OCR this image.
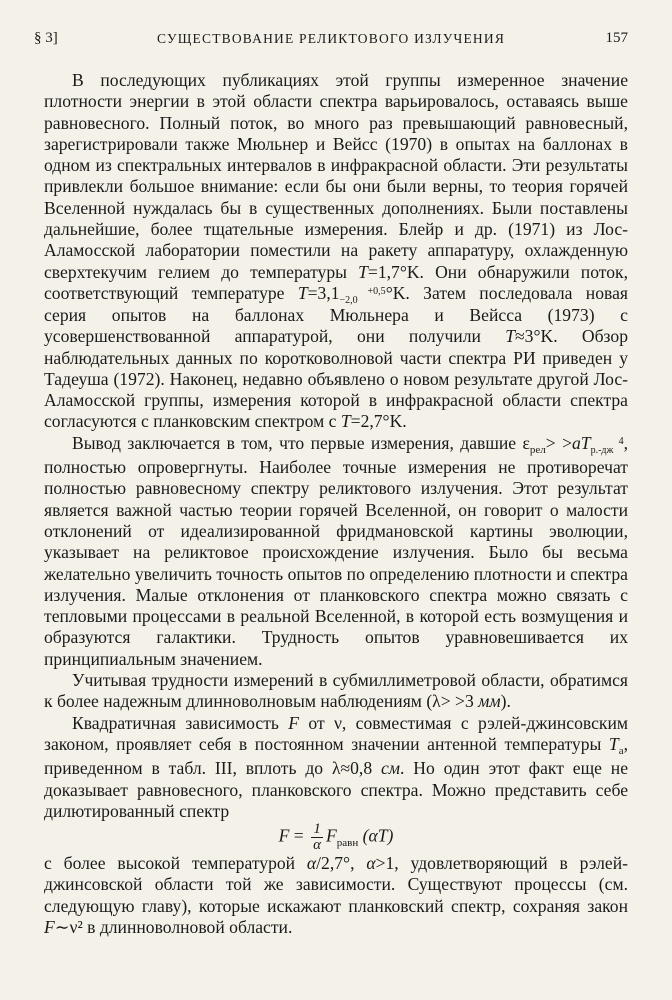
§ 3]	СУЩЕСТВОВАНИЕ РЕЛИКТОВОГО ИЗЛУЧЕНИЯ	157

В последующих публикациях этой группы измеренное значение плотности энергии в этой области спектра варьировалось, оставаясь выше равновесного. Полный поток, во много раз превышающий равновесный, зарегистрировали также Мюльнер и Вейсс (1970) в опытах на баллонах в одном из спектральных интервалов в инфракрасной области. Эти результаты привлекли большое внимание: если бы они были верны, то теория горячей Вселенной нуждалась бы в существенных дополнениях. Были поставлены дальнейшие, более тщательные измерения. Блейр и др. (1971) из Лос-Аламосской лаборатории поместили на ракету аппаратуру, охлажденную сверхтекучим гелием до температуры T=1,7°K. Они обнаружили поток, соответствующий температуре T=3,1	+0,5
−2,0 °K. Затем последовала новая серия опытов на баллонах Мюльнера и Вейсса (1973) с усовершенствованной аппаратурой, они получили T≈3°K. Обзор наблюдательных данных по коротковолновой части спектра РИ приведен у Тадеуша (1972). Наконец, недавно объявлено о новом результате другой Лос-Аламосской группы, измерения которой в инфракрасной области спектра согласуются с планковским спектром с T=2,7°K.

Вывод заключается в том, что первые измерения, давшие $\varepsilon_{рел}> >aT$	4
р.-дж , полностью опровергнуты. Наиболее точные измерения не противоречат полностью равновесному спектру реликтового излучения. Этот результат является важной частью теории горячей Вселенной, он говорит о малости отклонений от идеализированной фридмановской картины эволюции, указывает на реликтовое происхождение излучения. Было бы весьма желательно увеличить точность опытов по определению плотности и спектра излучения. Малые отклонения от планковского спектра можно связать с тепловыми процессами в реальной Вселенной, в которой есть возмущения и образуются галактики. Трудность опытов уравновешивается их принципиальным значением.

Учитывая трудности измерений в субмиллиметровой области, обратимся к более надежным длинноволновым наблюдениям (λ> >3 мм).

Квадратичная зависимость F от ν, совместимая с рэлей-джинсовским законом, проявляет себя в постоянном значении антенной температуры $T_а$, приведенном в табл. III, вплоть до λ≈0,8 см. Но один этот факт еще не доказывает равновесного, планковского спектра. Можно представить себе дилютированный спектр

$F = \frac{1}{\alpha} F_{равн}$ (αT)

с более высокой температурой α/2,7°, α>1, удовлетворяющий в рэлей-джинсовской области той же зависимости. Существуют процессы (см. следующую главу), которые искажают планковский спектр, сохраняя закон F∼ν² в длинноволновой области.
